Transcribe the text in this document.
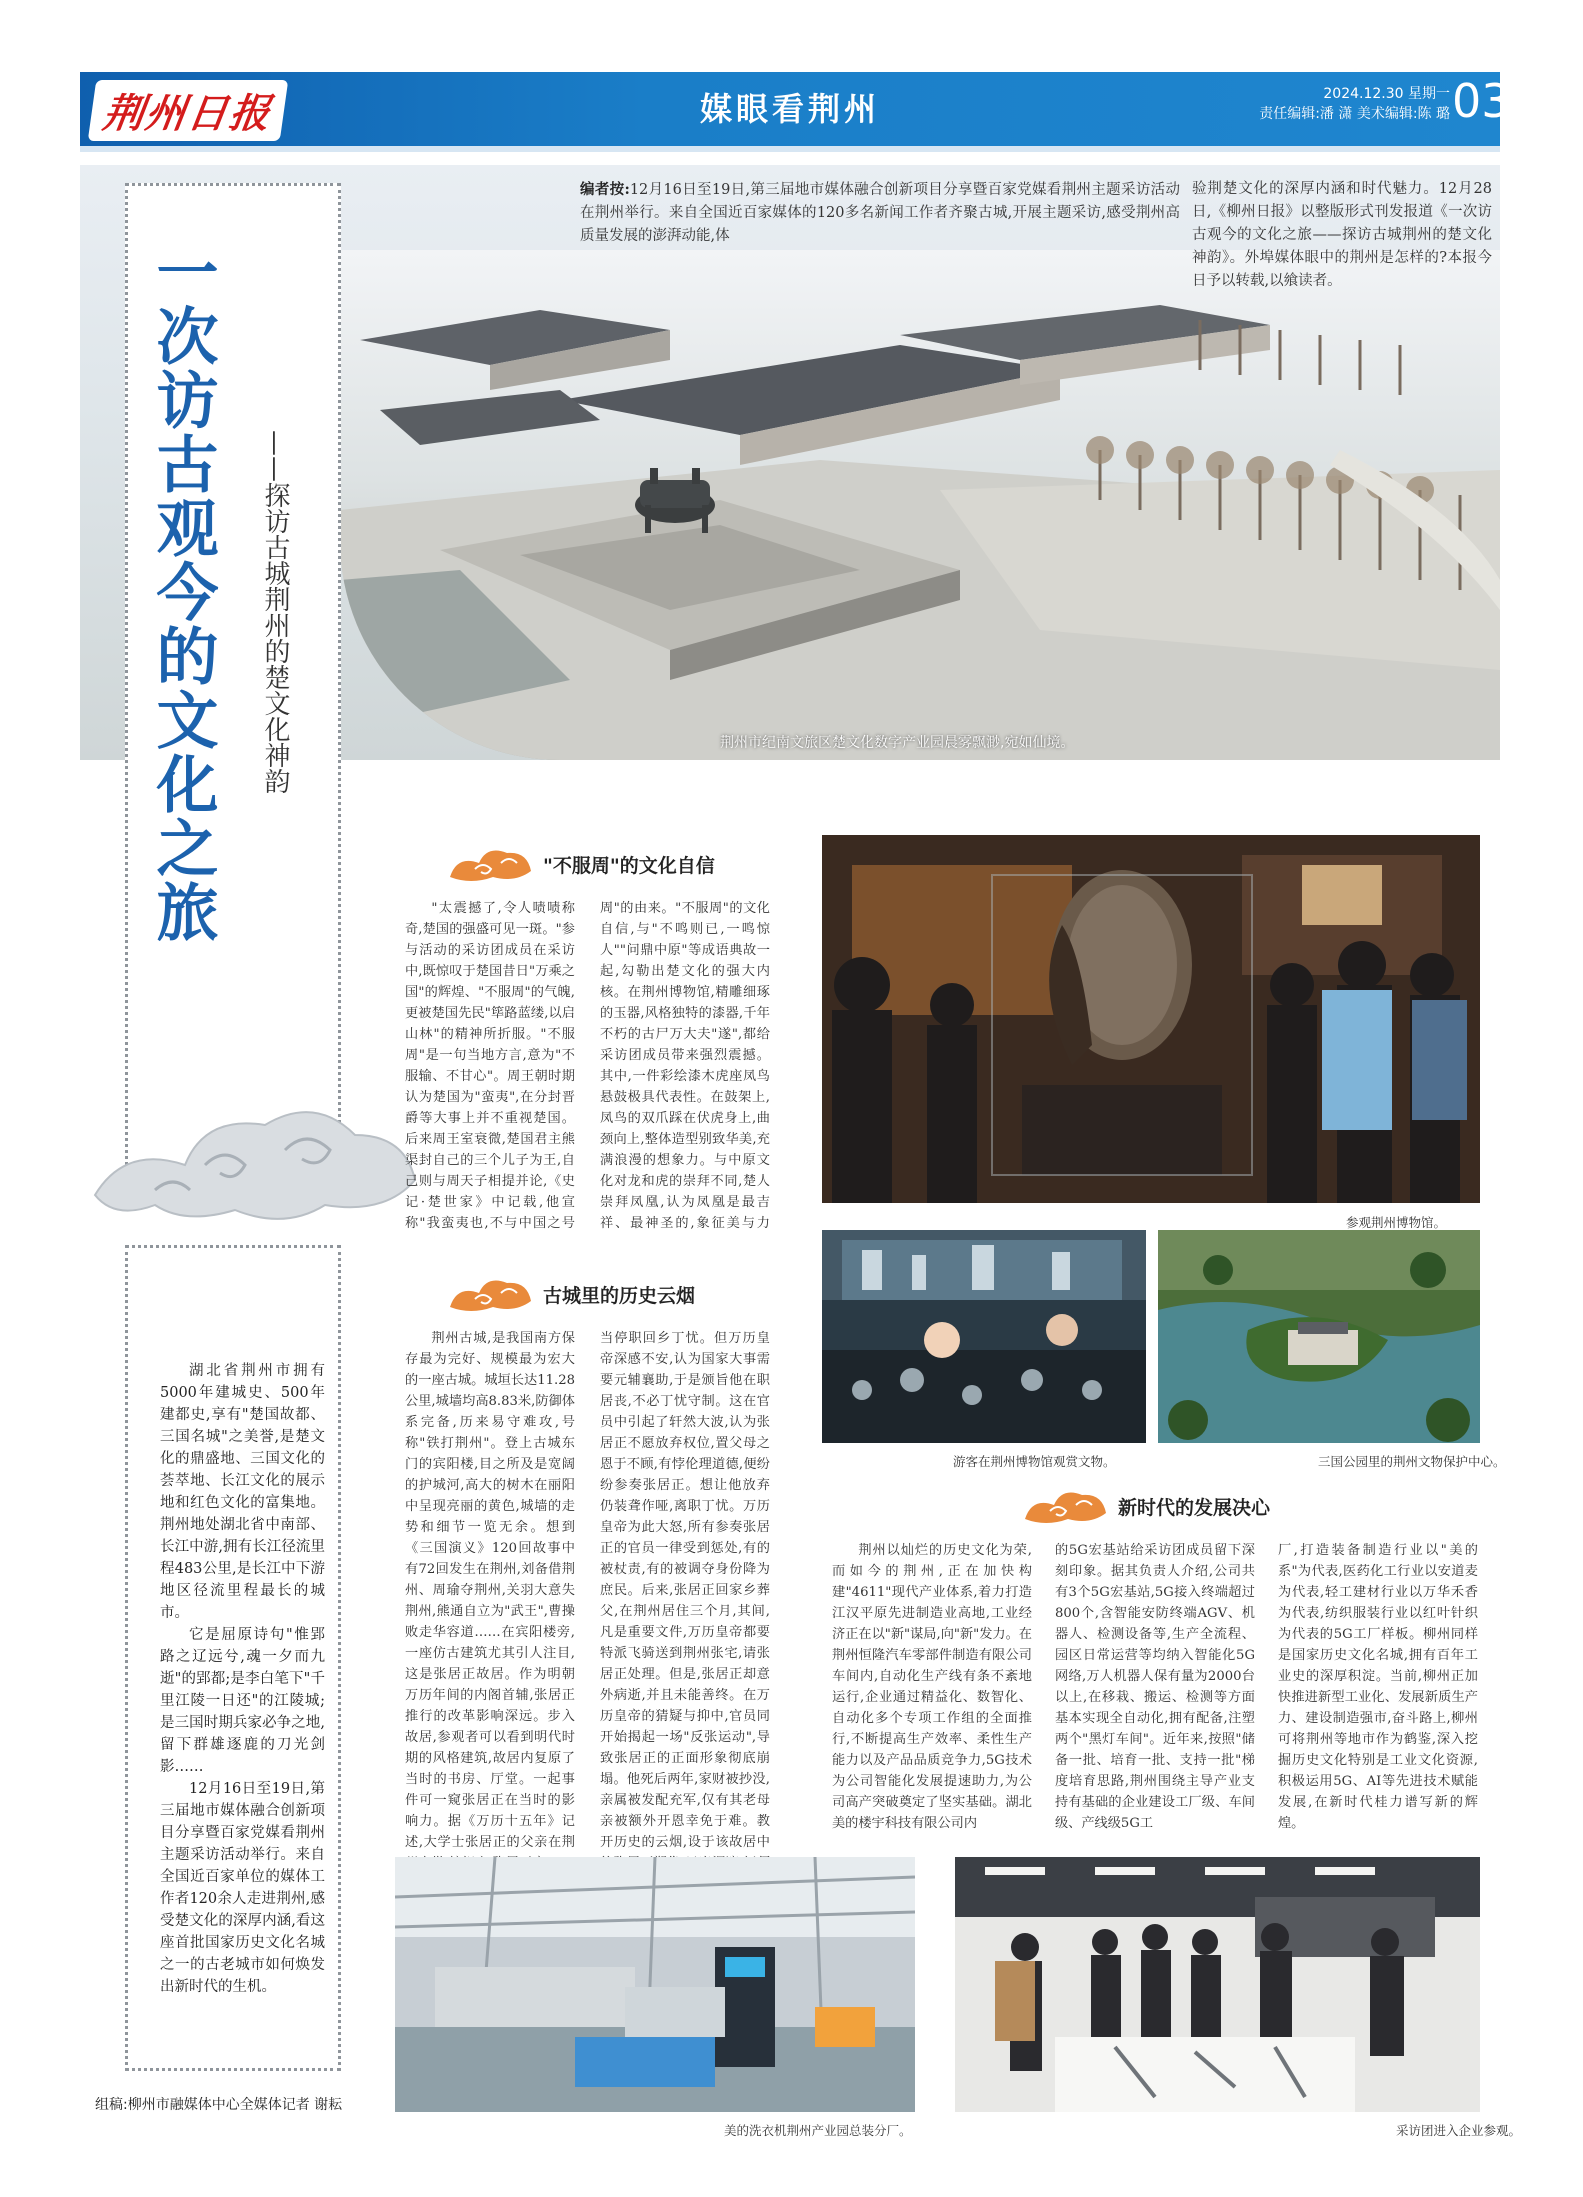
荆州日报	媒眼看荆州	2024.12.30 星期一
责任编辑:潘 潇 美术编辑:陈 璐 03
荆州市纪南文旅区楚文化数字产业园晨雾飘渺,宛如仙境。
编者按:12月16日至19日,第三届地市媒体融合创新项目分享暨百家党媒看荆州主题采访活动在荆州举行。来自全国近百家媒体的120多名新闻工作者齐聚古城,开展主题采访,感受荆州高质量发展的澎湃动能,体
验荆楚文化的深厚内涵和时代魅力。12月28日,《柳州日报》以整版形式刊发报道《一次访古观今的文化之旅——探访古城荆州的楚文化神韵》。外埠媒体眼中的荆州是怎样的?本报今日予以转载,以飨读者。
一次访古观今的文化之旅 ——探访古城荆州的楚文化神韵
湖北省荆州市拥有5000年建城史、500年建都史,享有"楚国故都、三国名城"之美誉,是楚文化的鼎盛地、三国文化的荟萃地、长江文化的展示地和红色文化的富集地。荆州地处湖北省中南部、长江中游,拥有长江径流里程483公里,是长江中下游地区径流里程最长的城市。
它是屈原诗句"惟郢路之辽远兮,魂一夕而九逝"的郢都;是李白笔下"千里江陵一日还"的江陵城;是三国时期兵家必争之地,留下群雄逐鹿的刀光剑影……
12月16日至19日,第三届地市媒体融合创新项目分享暨百家党媒看荆州主题采访活动举行。来自全国近百家单位的媒体工作者120余人走进荆州,感受楚文化的深厚内涵,看这座首批国家历史文化名城之一的古老城市如何焕发出新时代的生机。
组稿:柳州市融媒体中心全媒体记者 谢耘
"不服周"的文化自信

"太震撼了,令人啧啧称奇,楚国的强盛可见一斑。"参与活动的采访团成员在采访中,既惊叹于楚国昔日"万乘之国"的辉煌、"不服周"的气魄,更被楚国先民"筚路蓝缕,以启山林"的精神所折服。"不服周"是一句当地方言,意为"不服输、不甘心"。周王朝时期认为楚国为"蛮夷",在分封晋爵等大事上并不重视楚国。后来周王室衰微,楚国君主熊渠封自己的三个儿子为王,自己则与周天子相提并论,《史记·楚世家》中记载,他宣称"我蛮夷也,不与中国之号

周"的由来。"不服周"的文化自信,与"不鸣则已,一鸣惊人""问鼎中原"等成语典故一起,勾勒出楚文化的强大内核。在荆州博物馆,精雕细琢的玉器,风格独特的漆器,千年不朽的古尸万大夫"遂",都给采访团成员带来强烈震撼。其中,一件彩绘漆木虎座凤鸟悬鼓极具代表性。在鼓架上,凤鸟的双爪踩在伏虎身上,曲颈向上,整体造型别致华美,充满浪漫的想象力。与中原文化对龙和虎的崇拜不同,楚人崇拜凤凰,认为凤凰是最吉祥、最神圣的,象征美与力	参观荆州博物馆。
古城里的历史云烟

荆州古城,是我国南方保存最为完好、规模最为宏大的一座古城。城垣长达11.28公里,城墙均高8.83米,防御体系完备,历来易守难攻,号称"铁打荆州"。登上古城东门的宾阳楼,目之所及是宽阔的护城河,高大的树木在丽阳中呈现亮丽的黄色,城墙的走势和细节一览无余。想到《三国演义》120回故事中有72回发生在荆州,刘备借荆州、周瑜夺荆州,关羽大意失荆州,熊通自立为"武王",曹操败走华容道……在宾阳楼旁,一座仿古建筑尤其引人注目,这是张居正故居。作为明朝万历年间的内阁首辅,张居正推行的改革影响深远。步入故居,参观者可以看到明代时期的风格建筑,故居内复原了当时的书房、厅堂。一起事件可一窥张居正在当时的影响力。据《万历十五年》记述,大学士张居正的父亲在荆

当停职回乡丁忧。但万历皇帝深感不安,认为国家大事需要元辅襄助,于是颁旨他在职居丧,不必丁忧守制。这在官员中引起了轩然大波,认为张居正不愿放弃权位,置父母之恩于不顾,有悖伦理道德,便纷纷参奏张居正。想让他放弃仍装聋作哑,离职丁忧。万历皇帝为此大怒,所有参奏张居正的官员一律受到惩处,有的被杖责,有的被调夺身份降为庶民。后来,张居正回家乡葬父,在荆州居住三个月,其间,凡是重要文件,万历皇帝都要特派飞骑送到荆州张宅,请张居正处理。但是,张居正却意外病逝,并且未能善终。在万历皇帝的猜疑与抑中,官员同开始揭起一场"反张运动",导致张居正的正面形象彻底崩塌。他死后两年,家财被抄没,亲属被发配充军,仅有其老母亲被额外开恩幸免于难。教开历史的云烟,设于该故居中

游客在荆州博物馆观赏文物。	三国公园里的荆州文物保护中心。
新时代的发展决心

荆州以灿烂的历史文化为荣,而如今的荆州,正在加快构建"4611"现代产业体系,着力打造江汉平原先进制造业高地,工业经济正在以"新"谋局,向"新"发力。在荆州恒隆汽车零部件制造有限公司车间内,自动化生产线有条不紊地运行,企业通过精益化、数智化、自动化多个专项工作组的全面推行,不断提高生产效率、柔性生产能力以及产品品质竞争力,5G技术为公司智能化发展提速助力,为公司高产突破奠定了坚实基础。湖北美的楼宇科技有限公司内

的5G宏基站给采访团成员留下深刻印象。据其负责人介绍,公司共有3个5G宏基站,5G接入终端超过800个,含智能安防终端AGV、机器人、检测设备等,生产全流程、园区日常运营等均纳入智能化5G网络,万人机器人保有量为2000台以上,在移栽、搬运、检测等方面基本实现全自动化,拥有配备,注塑两个"黑灯车间"。近年来,按照"储备一批、培育一批、支持一批"梯度培育思路,荆州围绕主导产业支持有基础的企业建设工厂级、车间级、产线级5G工

厂,打造装备制造行业以"美的系"为代表,医药化工行业以安道麦为代表,轻工建材行业以万华禾香为代表,纺织服装行业以红叶针织为代表的5G工厂样板。柳州同样是国家历史文化名城,拥有百年工业史的深厚积淀。当前,柳州正加快推进新型工业化、发展新质生产力、建设制造强市,奋斗路上,柳州可将荆州等地市作为鹤鉴,深入挖掘历史文化特别是工业文化资源,积极运用5G、AI等先进技术赋能发展,在新时代桂力谱写新的辉煌。

美的洗衣机荆州产业园总装分厂。	采访团进入企业参观。
